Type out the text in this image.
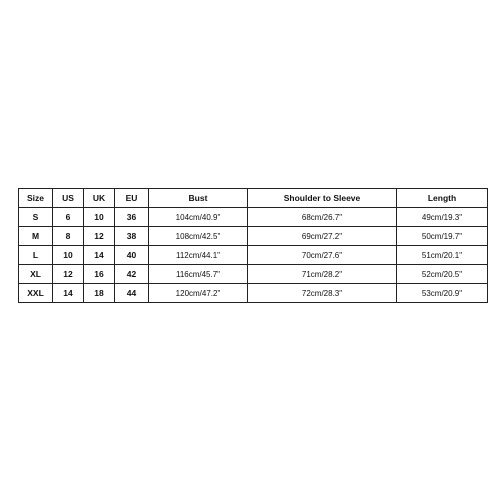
Size	US	UK	EU	Bust	Shoulder to Sleeve	Length
S	6	10	36	104cm/40.9"	68cm/26.7"	49cm/19.3"
M	8	12	38	108cm/42.5"	69cm/27.2"	50cm/19.7"
L	10	14	40	112cm/44.1"	70cm/27.6"	51cm/20.1"
XL	12	16	42	116cm/45.7"	71cm/28.2"	52cm/20.5"
XXL	14	18	44	120cm/47.2"	72cm/28.3"	53cm/20.9"
